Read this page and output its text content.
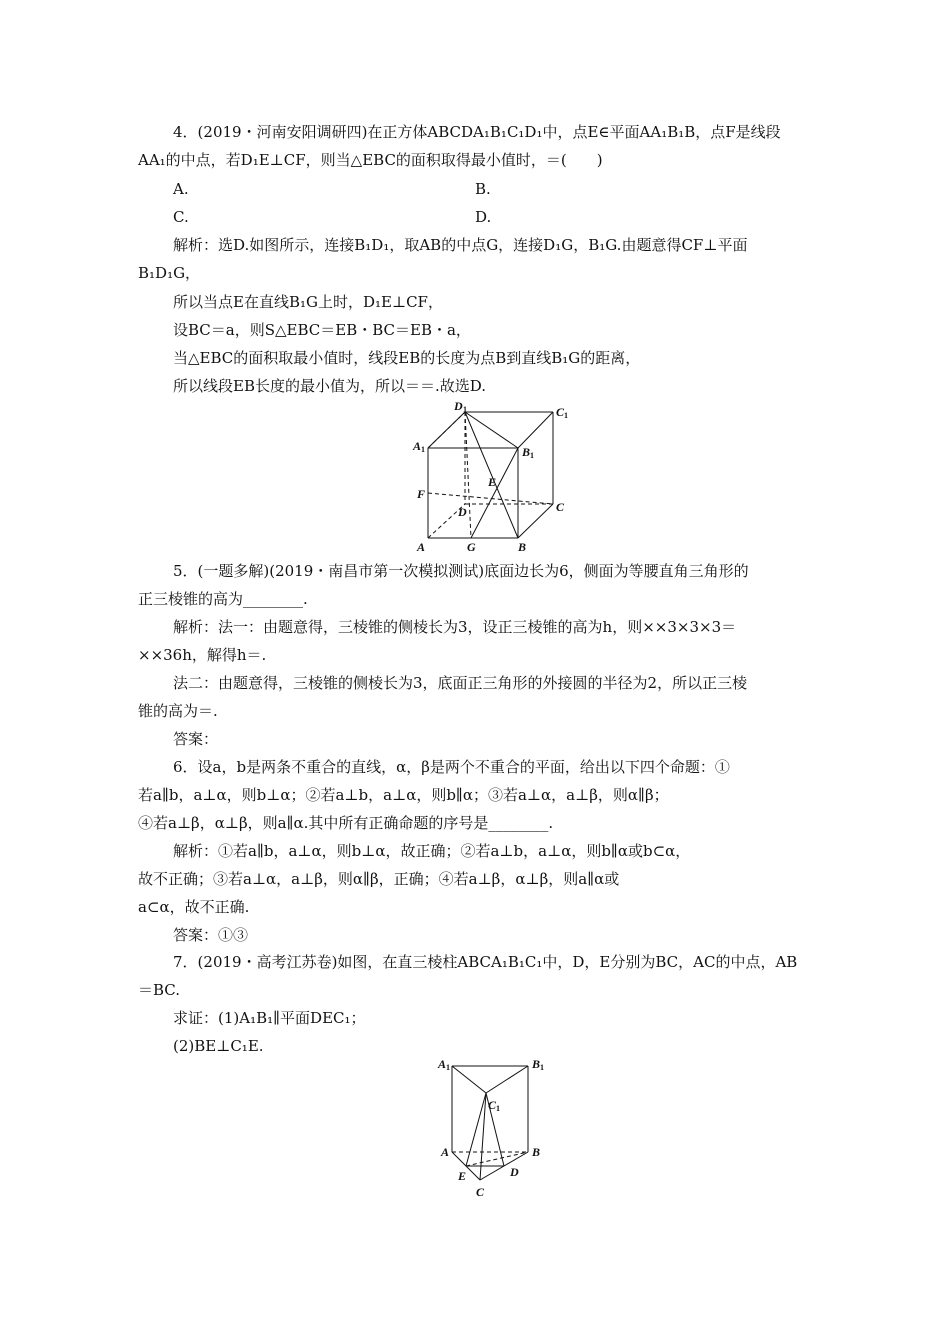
4．(2019・河南安阳调研四)在正方体ABCDA₁B₁C₁D₁中，点E∈平面AA₁B₁B，点F是线段
AA₁的中点，若D₁E⊥CF，则当△EBC的面积取得最小值时，＝(　　)
A.	B.
C.	D.
解析：选D.如图所示，连接B₁D₁，取AB的中点G，连接D₁G，B₁G.由题意得CF⊥平面
B₁D₁G，
所以当点E在直线B₁G上时，D₁E⊥CF，
设BC＝a，则S△EBC＝EB・BC＝EB・a，
当△EBC的面积取最小值时，线段EB的长度为点B到直线B₁G的距离，
所以线段EB长度的最小值为，所以＝＝.故选D.
D 1	C 1
A 1	B 1
E
F
D	C
A	G	B
5．(一题多解)(2019・南昌市第一次模拟测试)底面边长为6，侧面为等腰直角三角形的
正三棱锥的高为________.
解析：法一：由题意得，三棱锥的侧棱长为3，设正三棱锥的高为h，则××3×3×3＝
××36h，解得h＝.
法二：由题意得，三棱锥的侧棱长为3，底面正三角形的外接圆的半径为2，所以正三棱
锥的高为＝.
答案：
6．设a，b是两条不重合的直线，α，β是两个不重合的平面，给出以下四个命题：①
若a∥b，a⊥α，则b⊥α；②若a⊥b，a⊥α，则b∥α；③若a⊥α，a⊥β，则α∥β；
④若a⊥β，α⊥β，则a∥α.其中所有正确命题的序号是________.
解析：①若a∥b，a⊥α，则b⊥α，故正确；②若a⊥b，a⊥α，则b∥α或b⊂α，
故不正确；③若a⊥α，a⊥β，则α∥β，正确；④若a⊥β，α⊥β，则a∥α或
a⊂α，故不正确.
答案：①③
7．(2019・高考江苏卷)如图，在直三棱柱ABCA₁B₁C₁中，D，E分别为BC，AC的中点，AB
＝BC.
求证：(1)A₁B₁∥平面DEC₁；
(2)BE⊥C₁E.
A 1	B 1
C 1
A	B
E	D
C
